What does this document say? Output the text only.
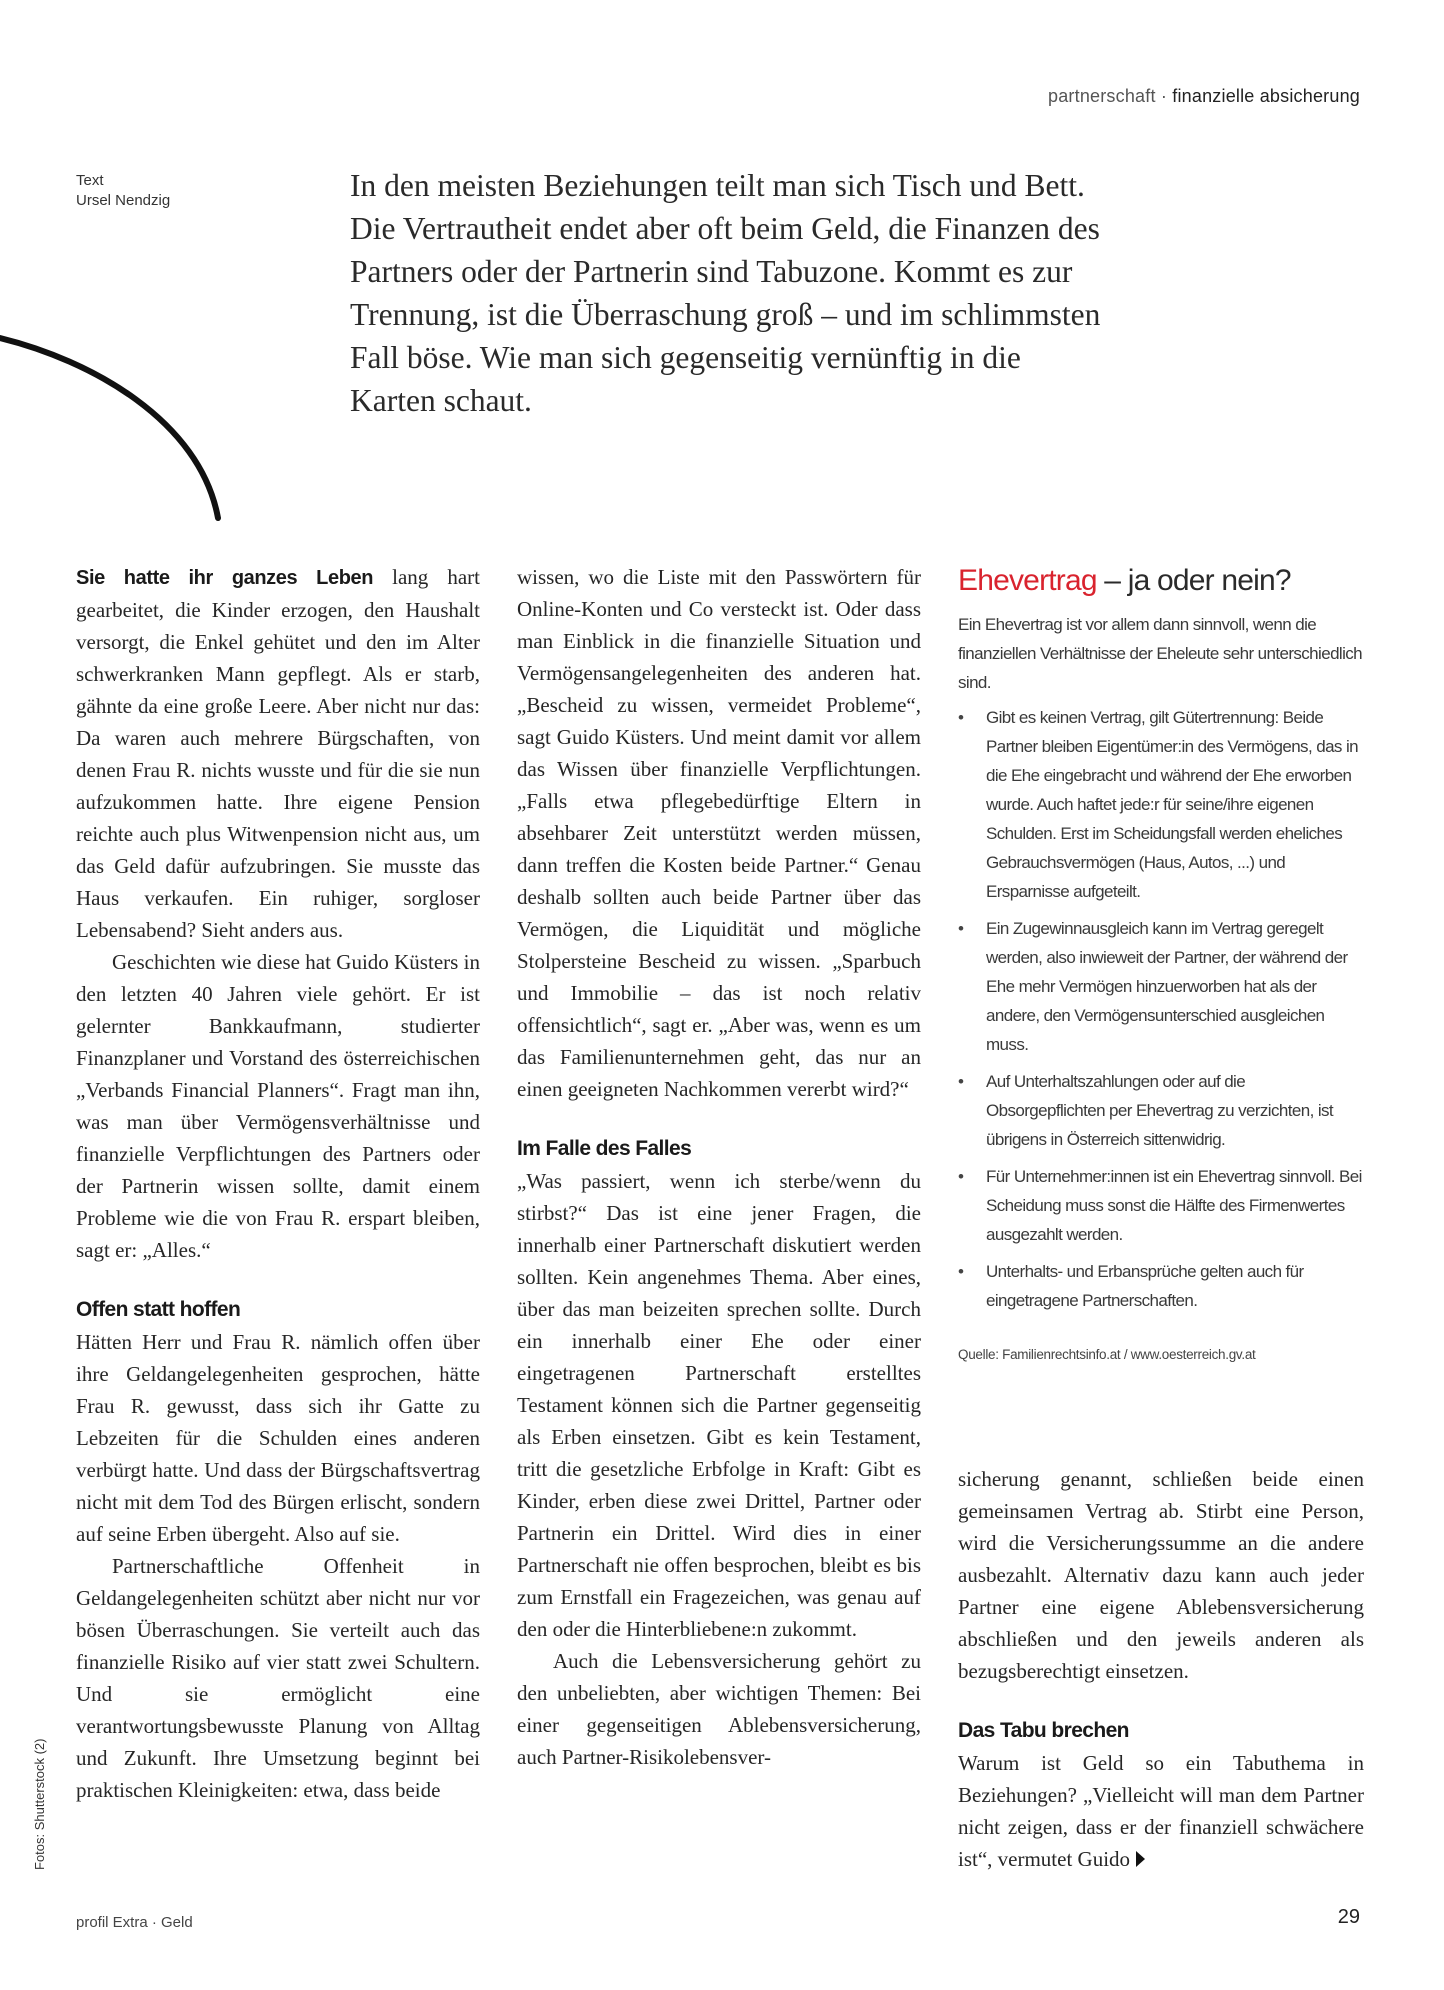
partnerschaft · finanzielle absicherung
Text
Ursel Nendzig	In den meisten Beziehungen teilt man sich Tisch und Bett. Die Vertrautheit endet aber oft beim Geld, die Finanzen des Partners oder der Partnerin sind Tabuzone. Kommt es zur Trennung, ist die Überraschung groß – und im schlimmsten Fall böse. Wie man sich gegenseitig vernünftig in die Karten schaut.

Sie hatte ihr ganzes Leben lang hart gearbeitet, die Kinder erzogen, den Haushalt versorgt, die Enkel gehütet und den im Alter schwerkranken Mann gepflegt. Als er starb, gähnte da eine große Leere. Aber nicht nur das: Da waren auch mehrere Bürgschaften, von denen Frau R. nichts wusste und für die sie nun aufzukommen hatte. Ihre eigene Pension reichte auch plus Witwenpension nicht aus, um das Geld dafür aufzubringen. Sie musste das Haus verkaufen. Ein ruhiger, sorgloser Lebensabend? Sieht anders aus.

Geschichten wie diese hat Guido Küsters in den letzten 40 Jahren viele gehört. Er ist gelernter Bankkaufmann, studierter Finanzplaner und Vorstand des österreichischen „Verbands Financial Planners“. Fragt man ihn, was man über Vermögensverhältnisse und finanzielle Verpflichtungen des Partners oder der Partnerin wissen sollte, damit einem Probleme wie die von Frau R. erspart bleiben, sagt er: „Alles.“

Offen statt hoffen

Hätten Herr und Frau R. nämlich offen über ihre Geldangelegenheiten gesprochen, hätte Frau R. gewusst, dass sich ihr Gatte zu Lebzeiten für die Schulden eines anderen verbürgt hatte. Und dass der Bürgschaftsvertrag nicht mit dem Tod des Bürgen erlischt, sondern auf seine Erben übergeht. Also auf sie.

Partnerschaftliche Offenheit in Geldangelegenheiten schützt aber nicht nur vor bösen Überraschungen. Sie verteilt auch das finanzielle Risiko auf vier statt zwei Schultern. Und sie ermöglicht eine verantwortungsbewusste Planung von Alltag und Zukunft. Ihre Umsetzung beginnt bei praktischen Kleinigkeiten: etwa, dass beide

wissen, wo die Liste mit den Passwörtern für Online-Konten und Co versteckt ist. Oder dass man Einblick in die finanzielle Situation und Vermögensangelegenheiten des anderen hat. „Bescheid zu wissen, vermeidet Probleme“, sagt Guido Küsters. Und meint damit vor allem das Wissen über finanzielle Verpflichtungen. „Falls etwa pflegebedürftige Eltern in absehbarer Zeit unterstützt werden müssen, dann treffen die Kosten beide Partner.“ Genau deshalb sollten auch beide Partner über das Vermögen, die Liquidität und mögliche Stolpersteine Bescheid zu wissen. „Sparbuch und Immobilie – das ist noch relativ offensichtlich“, sagt er. „Aber was, wenn es um das Familienunternehmen geht, das nur an einen geeigneten Nachkommen vererbt wird?“

Im Falle des Falles

„Was passiert, wenn ich sterbe/wenn du stirbst?“ Das ist eine jener Fragen, die innerhalb einer Partnerschaft diskutiert werden sollten. Kein angenehmes Thema. Aber eines, über das man beizeiten sprechen sollte. Durch ein innerhalb einer Ehe oder einer eingetragenen Partnerschaft erstelltes Testament können sich die Partner gegenseitig als Erben einsetzen. Gibt es kein Testament, tritt die gesetzliche Erbfolge in Kraft: Gibt es Kinder, erben diese zwei Drittel, Partner oder Partnerin ein Drittel. Wird dies in einer Partnerschaft nie offen besprochen, bleibt es bis zum Ernstfall ein Fragezeichen, was genau auf den oder die Hinterbliebene:n zukommt.

Auch die Lebensversicherung gehört zu den unbeliebten, aber wichtigen Themen: Bei einer gegenseitigen Ablebensversicherung, auch Partner-Risikolebensver-

Ehevertrag – ja oder nein?
Ein Ehevertrag ist vor allem dann sinnvoll, wenn die finanziellen Verhältnisse der Eheleute sehr unterschiedlich sind.
• Gibt es keinen Vertrag, gilt Gütertrennung: Beide Partner bleiben Eigentümer:in des Vermögens, das in die Ehe eingebracht und während der Ehe erworben wurde. Auch haftet jede:r für seine/ihre eigenen Schulden. Erst im Scheidungsfall werden eheliches Gebrauchsvermögen (Haus, Autos, ...) und Ersparnisse aufgeteilt.
• Ein Zugewinnausgleich kann im Vertrag geregelt werden, also inwieweit der Partner, der während der Ehe mehr Vermögen hinzuerworben hat als der andere, den Vermögensunterschied ausgleichen muss.
• Auf Unterhaltszahlungen oder auf die Obsorgepflichten per Ehevertrag zu verzichten, ist übrigens in Österreich sittenwidrig.
• Für Unternehmer:innen ist ein Ehevertrag sinnvoll. Bei Scheidung muss sonst die Hälfte des Firmenwertes ausgezahlt werden.
• Unterhalts- und Erbansprüche gelten auch für eingetragene Partnerschaften.
Quelle: Familienrechtsinfo.at / www.oesterreich.gv.at

sicherung genannt, schließen beide einen gemeinsamen Vertrag ab. Stirbt eine Person, wird die Versicherungssumme an die andere ausbezahlt. Alternativ dazu kann auch jeder Partner eine eigene Ablebensversicherung abschließen und den jeweils anderen als bezugsberechtigt einsetzen.

Das Tabu brechen

Warum ist Geld so ein Tabuthema in Beziehungen? „Vielleicht will man dem Partner nicht zeigen, dass er der finanziell schwächere ist“, vermutet Guido

Fotos: Shutterstock (2)
profil Extra · Geld	29
